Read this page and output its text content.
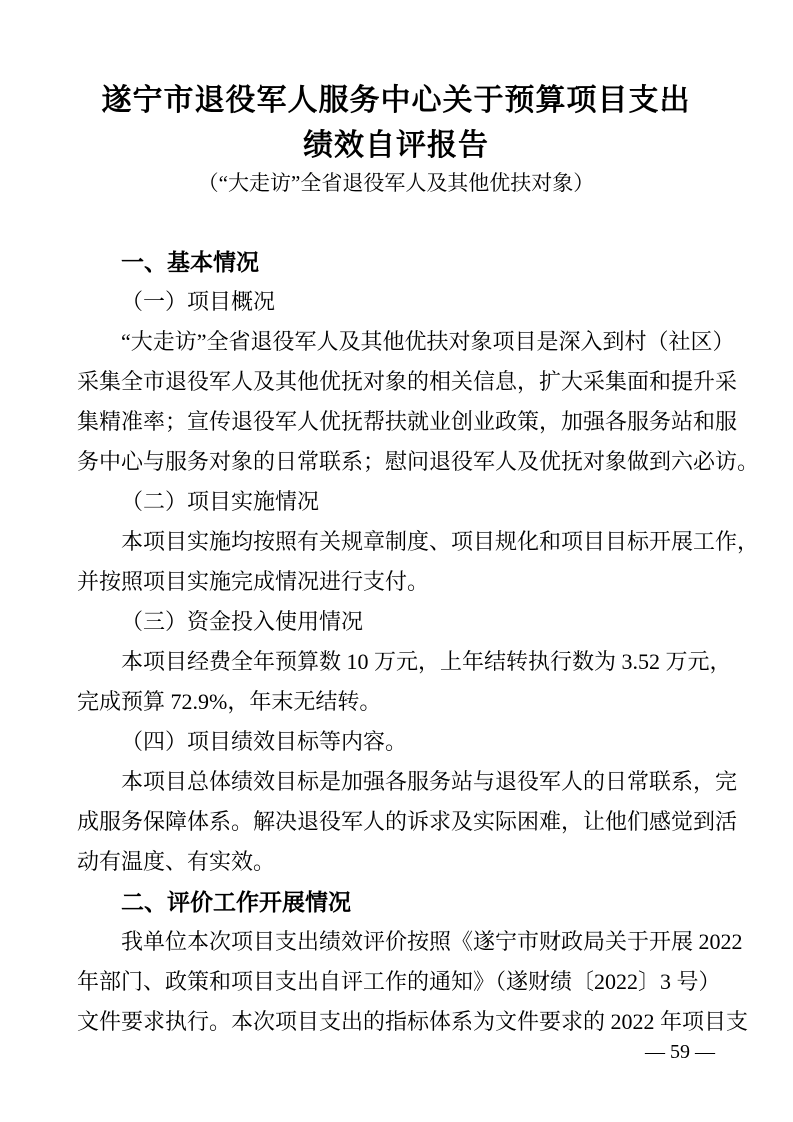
遂宁市退役军人服务中心关于预算项目支出
绩效自评报告
（“大走访”全省退役军人及其他优扶对象）
一、基本情况
（一）项目概况
“大走访”全省退役军人及其他优扶对象项目是深入到村（社区）
采集全市退役军人及其他优抚对象的相关信息，扩大采集面和提升采
集精准率；宣传退役军人优抚帮扶就业创业政策，加强各服务站和服
务中心与服务对象的日常联系；慰问退役军人及优抚对象做到六必访。
（二）项目实施情况
本项目实施均按照有关规章制度、项目规化和项目目标开展工作，
并按照项目实施完成情况进行支付。
（三）资金投入使用情况
本项目经费全年预算数 10 万元，上年结转执行数为 3.52 万元，
完成预算 72.9%，年末无结转。
（四）项目绩效目标等内容。
本项目总体绩效目标是加强各服务站与退役军人的日常联系，完
成服务保障体系。解决退役军人的诉求及实际困难，让他们感觉到活
动有温度、有实效。
二、评价工作开展情况
我单位本次项目支出绩效评价按照《遂宁市财政局关于开展 2022
年部门、政策和项目支出自评工作的通知》（遂财绩〔2022〕3 号）
文件要求执行。本次项目支出的指标体系为文件要求的 2022 年项目支
— 59 —
